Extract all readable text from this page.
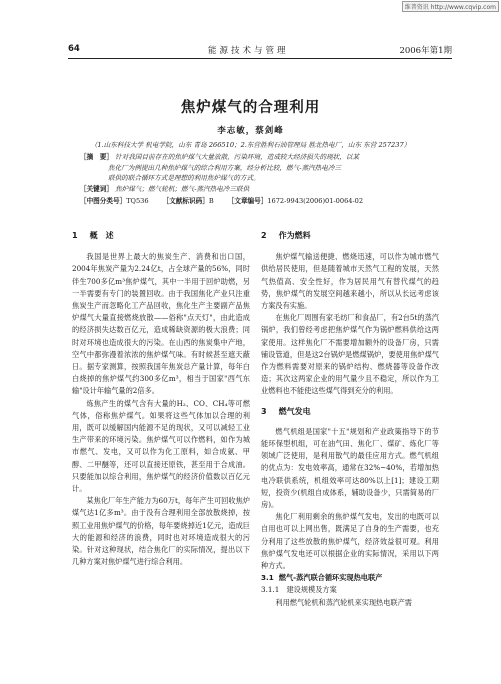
维普资讯 http://www.cqvip.com
64	能源技术与管理	2006年第1期
焦炉煤气的合理利用
李志敏，蔡剑峰
（1.山东科技大学 机电学院，山东 青岛 266510；2.东营胜利石油管理局 胜北热电厂，山东 东营 257237）
［摘　要］ 针对我国目前存在的焦炉煤气大量放散，污染环境，造成较大经济损失的现状，以某
焦化厂为例提出几种焦炉煤气的综合利用方案，经分析比较，燃气-蒸汽热电冷三
联供的联合循环方式是理想的利用焦炉煤气的方式。
［关键词］ 焦炉煤气；燃气轮机；燃气-蒸汽热电冷三联供
［中图分类号］TQ536 ［文献标识码］B ［文章编号］1672-9943(2006)01-0064-02

1 概　述

我国是世界上最大的焦炭生产、消费和出口国，2004年焦炭产量为2.24亿t，占全球产量的56%，同时伴生700多亿m³焦炉煤气，其中一半用于回炉助燃，另一半需要有专门的装置回收。由于我国焦化产业只注重焦炭生产而忽略化工产品回收，焦化生产主要副产品焦炉煤气大量直接燃烧放散——俗称"点天灯"，由此造成的经济损失达数百亿元，造成稀缺资源的极大浪费；同时对环境也造成很大的污染。在山西的焦炭集中产地，空气中都弥漫着浓浓的焦炉煤气味。有时候甚至遮天蔽日。据专家测算，按照我国年焦炭总产量计算，每年白白烧掉的焦炉煤气约300多亿m³，相当于国家"西气东输"设计年输气量的2倍多。

炼焦产生的煤气含有大量的H₂、CO、CH₄等可燃气体，俗称焦炉煤气。如果将这些气体加以合理的利用，既可以缓解国内能源不足的现状，又可以减轻工业生产带来的环境污染。焦炉煤气可以作燃料，如作为城市燃气、发电，又可以作为化工原料，如合成氨、甲醇、二甲醚等，还可以直接还原铁，甚至用于合成油。只要能加以综合利用，焦炉煤气的经济价值数以百亿元计。

某焦化厂年生产能力为60万t，每年产生可回收焦炉煤气达1亿多m³。由于没有合理利用全部放散烧掉，按照工业用焦炉煤气的价格，每年要烧掉近1亿元，造成巨大的能源和经济的浪费，同时也对环境造成很大的污染。针对这种现状，结合焦化厂的实际情况，提出以下几种方案对焦炉煤气进行综合利用。

2 作为燃料

焦炉煤气输送便捷、燃烧迅速，可以作为城市燃气供给居民使用，但是随着城市天然气工程的发展，天然气热值高、安全性好，作为居民用气有替代煤气的趋势，焦炉煤气的发展空间越来越小，所以从长远考虑该方案没有实施。

在焦化厂周围有家毛纺厂和食品厂，有2台5t的蒸汽锅炉，我们曾经考虑把焦炉煤气作为锅炉燃料供给这两家使用。这样焦化厂不需要增加额外的设备厂房，只需铺设管道，但是这2台锅炉是燃煤锅炉，要使用焦炉煤气作为燃料需要对原来的锅炉结构、燃烧器等设备作改造；其次这两家企业的用气量少且不稳定，所以作为工业燃料也不能使这些煤气得到充分的利用。

3 燃气发电

燃气机组是国家"十五"规划和产业政策指导下的节能环保型机组，可在油气田、焦化厂、煤矿、炼化厂等领域广泛使用，是利用散气的最佳应用方式。燃气机组的优点为：发电效率高，通常在32%~40%，若增加热电冷联供系统，机组效率可达80%以上[1]；建设工期短，投资少(机组自成体系，辅助设备少，只需简易的厂房)。

焦化厂利用剩余的焦炉煤气发电，发出的电既可以自用也可以上网出售，既满足了自身的生产需要，也充分利用了这些放散的焦炉煤气，经济效益很可观。利用焦炉煤气发电还可以根据企业的实际情况，采用以下两种方式。

3.1 燃气-蒸汽联合循环实现热电联产

3.1.1　建设规模及方案

利用燃气轮机和蒸汽轮机来实现热电联产需
